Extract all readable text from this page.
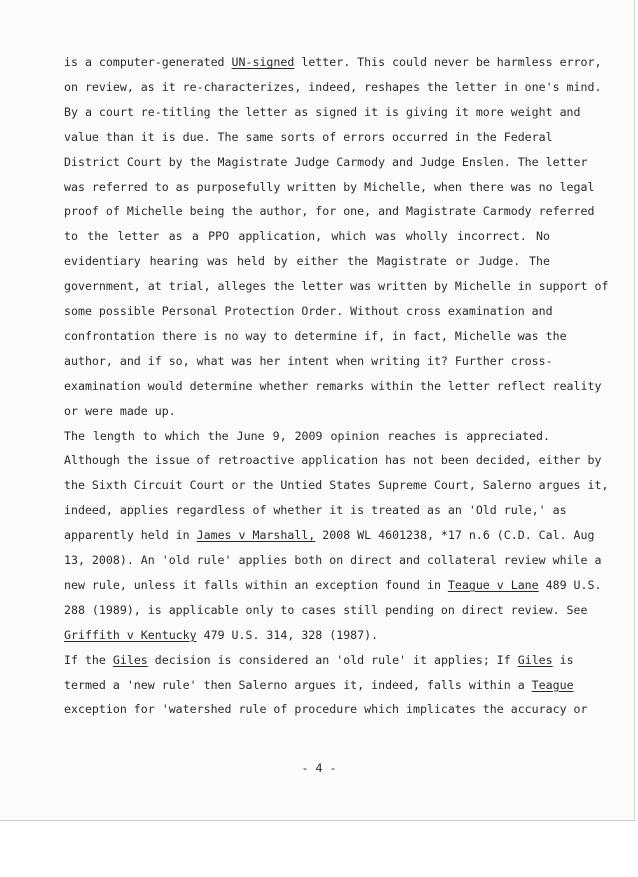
is a computer-generated UN-signed letter. This could never be harmless error,
on review, as it re-characterizes, indeed, reshapes the letter in one's mind.
By a court re-titling the letter as signed it is giving it more weight and
value than it is due. The same sorts of errors occurred in the Federal
District Court by the Magistrate Judge Carmody and Judge Enslen. The letter
was referred to as purposefully written by Michelle, when there was no legal
proof of Michelle being the author, for one, and Magistrate Carmody referred
to the letter as a PPO application, which was wholly incorrect. No
evidentiary hearing was held by either the Magistrate or Judge. The
government, at trial, alleges the letter was written by Michelle in support of
some possible Personal Protection Order. Without cross examination and
confrontation there is no way to determine if, in fact, Michelle was the
author, and if so, what was her intent when writing it? Further cross-
examination would determine whether remarks within the letter reflect reality
or were made up.
The length to which the June 9, 2009 opinion reaches is appreciated.
Although the issue of retroactive application has not been decided, either by
the Sixth Circuit Court or the Untied States Supreme Court, Salerno argues it,
indeed, applies regardless of whether it is treated as an 'Old rule,' as
apparently held in James v Marshall, 2008 WL 4601238, *17 n.6 (C.D. Cal. Aug
13, 2008). An 'old rule' applies both on direct and collateral review while a
new rule, unless it falls within an exception found in Teague v Lane 489 U.S.
288 (1989), is applicable only to cases still pending on direct review. See
Griffith v Kentucky 479 U.S. 314, 328 (1987).
If the Giles decision is considered an 'old rule' it applies; If Giles is
termed a 'new rule' then Salerno argues it, indeed, falls within a Teague
exception for 'watershed rule of procedure which implicates the accuracy or
- 4 -
